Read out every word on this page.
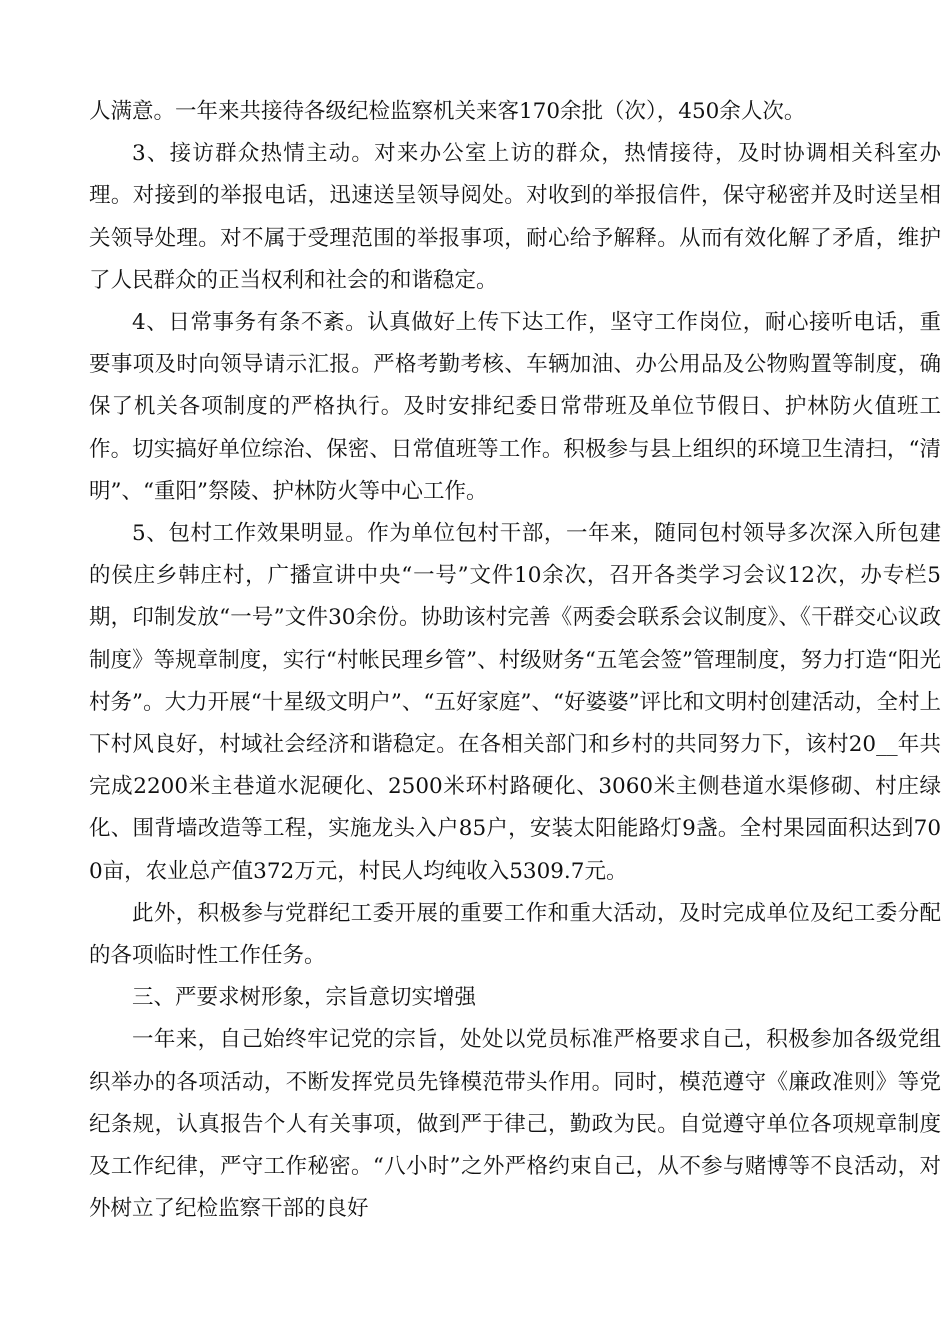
人满意。一年来共接待各级纪检监察机关来客170余批（次），450余人次。

3、接访群众热情主动。对来办公室上访的群众，热情接待，及时协调相关科室办理。对接到的举报电话，迅速送呈领导阅处。对收到的举报信件，保守秘密并及时送呈相关领导处理。对不属于受理范围的举报事项，耐心给予解释。从而有效化解了矛盾，维护了人民群众的正当权利和社会的和谐稳定。

4、日常事务有条不紊。认真做好上传下达工作，坚守工作岗位，耐心接听电话，重要事项及时向领导请示汇报。严格考勤考核、车辆加油、办公用品及公物购置等制度，确保了机关各项制度的严格执行。及时安排纪委日常带班及单位节假日、护林防火值班工作。切实搞好单位综治、保密、日常值班等工作。积极参与县上组织的环境卫生清扫，“清明”、“重阳”祭陵、护林防火等中心工作。

5、包村工作效果明显。作为单位包村干部，一年来，随同包村领导多次深入所包建的侯庄乡韩庄村，广播宣讲中央“一号”文件10余次，召开各类学习会议12次，办专栏5期，印制发放“一号”文件30余份。协助该村完善《两委会联系会议制度》、《干群交心议政制度》等规章制度，实行“村帐民理乡管”、村级财务“五笔会签”管理制度，努力打造“阳光村务”。大力开展“十星级文明户”、“五好家庭”、“好婆婆”评比和文明村创建活动，全村上下村风良好，村域社会经济和谐稳定。在各相关部门和乡村的共同努力下，该村20__年共完成2200米主巷道水泥硬化、2500米环村路硬化、3060米主侧巷道水渠修砌、村庄绿化、围背墙改造等工程，实施龙头入户85户，安装太阳能路灯9盏。全村果园面积达到700亩，农业总产值372万元，村民人均纯收入5309.7元。

此外，积极参与党群纪工委开展的重要工作和重大活动，及时完成单位及纪工委分配的各项临时性工作任务。

三、严要求树形象，宗旨意切实增强

一年来，自己始终牢记党的宗旨，处处以党员标准严格要求自己，积极参加各级党组织举办的各项活动，不断发挥党员先锋模范带头作用。同时，模范遵守《廉政准则》等党纪条规，认真报告个人有关事项，做到严于律己，勤政为民。自觉遵守单位各项规章制度及工作纪律，严守工作秘密。“八小时”之外严格约束自己，从不参与赌博等不良活动，对外树立了纪检监察干部的良好
